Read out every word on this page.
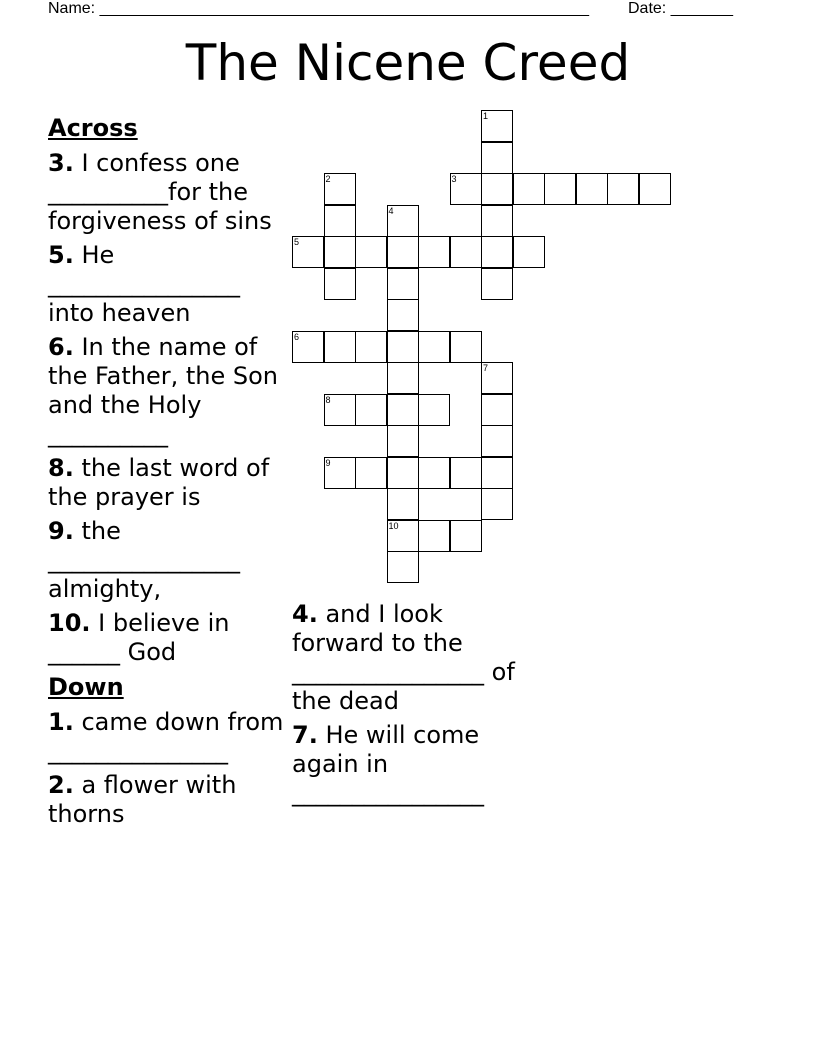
Name: _______________________________________________________ Date: _______
The Nicene Creed
Across
3. I confess one __________for the forgiveness of sins
5. He ________________ into heaven
6. In the name of the Father, the Son and the Holy __________
8. the last word of the prayer is
9. the ________________ almighty,
10. I believe in ______ God
Down
1. came down from _______________
2. a flower with thorns
4. and I look forward to the ________________ of the dead
7. He will come again in ________________
1
2	3
4
5
6
7
8
9
10
